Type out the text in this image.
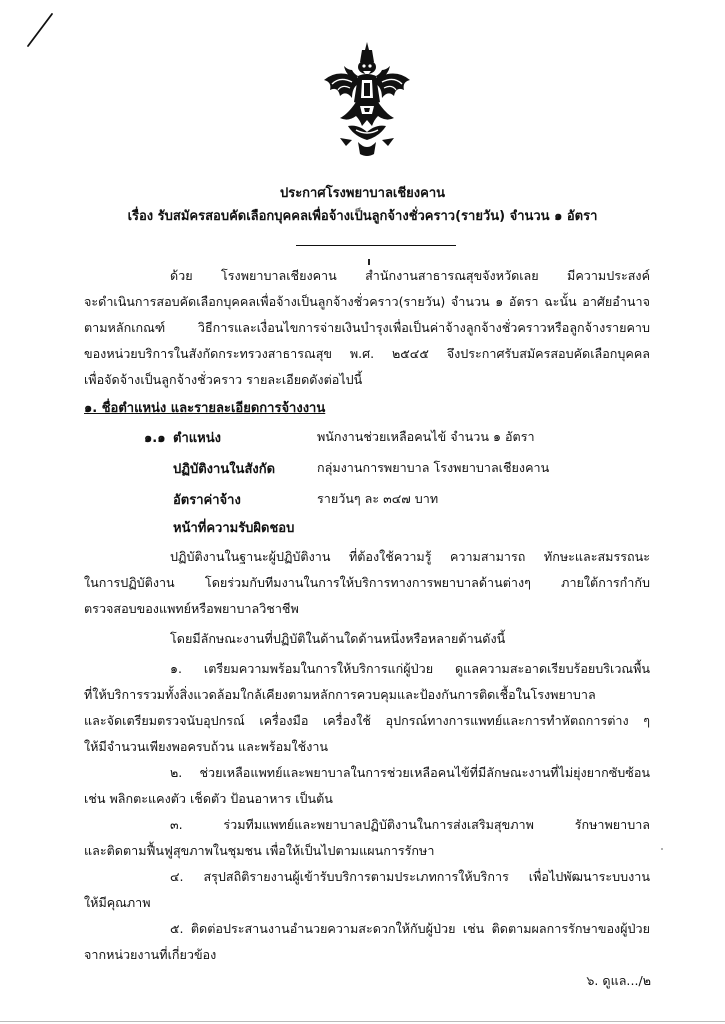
ประกาศโรงพยาบาลเชียงคาน
เรื่อง รับสมัครสอบคัดเลือกบุคคลเพื่อจ้างเป็นลูกจ้างชั่วคราว(รายวัน) จำนวน ๑ อัตรา
ด้วย โรงพยาบาลเชียงคาน สำนักงานสาธารณสุขจังหวัดเลย มีความประสงค์
จะดำเนินการสอบคัดเลือกบุคคลเพื่อจ้างเป็นลูกจ้างชั่วคราว(รายวัน) จำนวน ๑ อัตรา ฉะนั้น อาศัยอำนาจ
ตามหลักเกณฑ์ วิธีการและเงื่อนไขการจ่ายเงินบำรุงเพื่อเป็นค่าจ้างลูกจ้างชั่วคราวหรือลูกจ้างรายคาบ
ของหน่วยบริการในสังกัดกระทรวงสาธารณสุข พ.ศ. ๒๕๔๕ จึงประกาศรับสมัครสอบคัดเลือกบุคคล
เพื่อจัดจ้างเป็นลูกจ้างชั่วคราว รายละเอียดดังต่อไปนี้
๑. ชื่อตำแหน่ง และรายละเอียดการจ้างงาน
๑.๑ ตำแหน่ง	พนักงานช่วยเหลือคนไข้ จำนวน ๑ อัตรา
ปฏิบัติงานในสังกัด	กลุ่มงานการพยาบาล โรงพยาบาลเชียงคาน
อัตราค่าจ้าง	รายวันๆ ละ ๓๔๗ บาท
หน้าที่ความรับผิดชอบ
ปฏิบัติงานในฐานะผู้ปฏิบัติงาน ที่ต้องใช้ความรู้ ความสามารถ ทักษะและสมรรถนะ
ในการปฏิบัติงาน โดยร่วมกับทีมงานในการให้บริการทางการพยาบาลด้านต่างๆ ภายใต้การกำกับ
ตรวจสอบของแพทย์หรือพยาบาลวิชาชีพ
โดยมีลักษณะงานที่ปฏิบัติในด้านใดด้านหนึ่งหรือหลายด้านดังนี้
๑. เตรียมความพร้อมในการให้บริการแก่ผู้ป่วย ดูแลความสะอาดเรียบร้อยบริเวณพื้น
ที่ให้บริการรวมทั้งสิ่งแวดล้อมใกล้เคียงตามหลักการควบคุมและป้องกันการติดเชื้อในโรงพยาบาล
และจัดเตรียมตรวจนับอุปกรณ์ เครื่องมือ เครื่องใช้ อุปกรณ์ทางการแพทย์และการทำหัตถการต่าง ๆ
ให้มีจำนวนเพียงพอครบถ้วน และพร้อมใช้งาน
๒. ช่วยเหลือแพทย์และพยาบาลในการช่วยเหลือคนไข้ที่มีลักษณะงานที่ไม่ยุ่งยากซับซ้อน
เช่น พลิกตะแคงตัว เช็ดตัว ป้อนอาหาร เป็นต้น
๓. ร่วมทีมแพทย์และพยาบาลปฏิบัติงานในการส่งเสริมสุขภาพ รักษาพยาบาล
และติดตามฟื้นฟูสุขภาพในชุมชน เพื่อให้เป็นไปตามแผนการรักษา
๔. สรุปสถิติรายงานผู้เข้ารับบริการตามประเภทการให้บริการ เพื่อไปพัฒนาระบบงาน
ให้มีคุณภาพ
๕. ติดต่อประสานงานอำนวยความสะดวกให้กับผู้ป่วย เช่น ติดตามผลการรักษาของผู้ป่วย
จากหน่วยงานที่เกี่ยวข้อง
๖. ดูแล.../๒
